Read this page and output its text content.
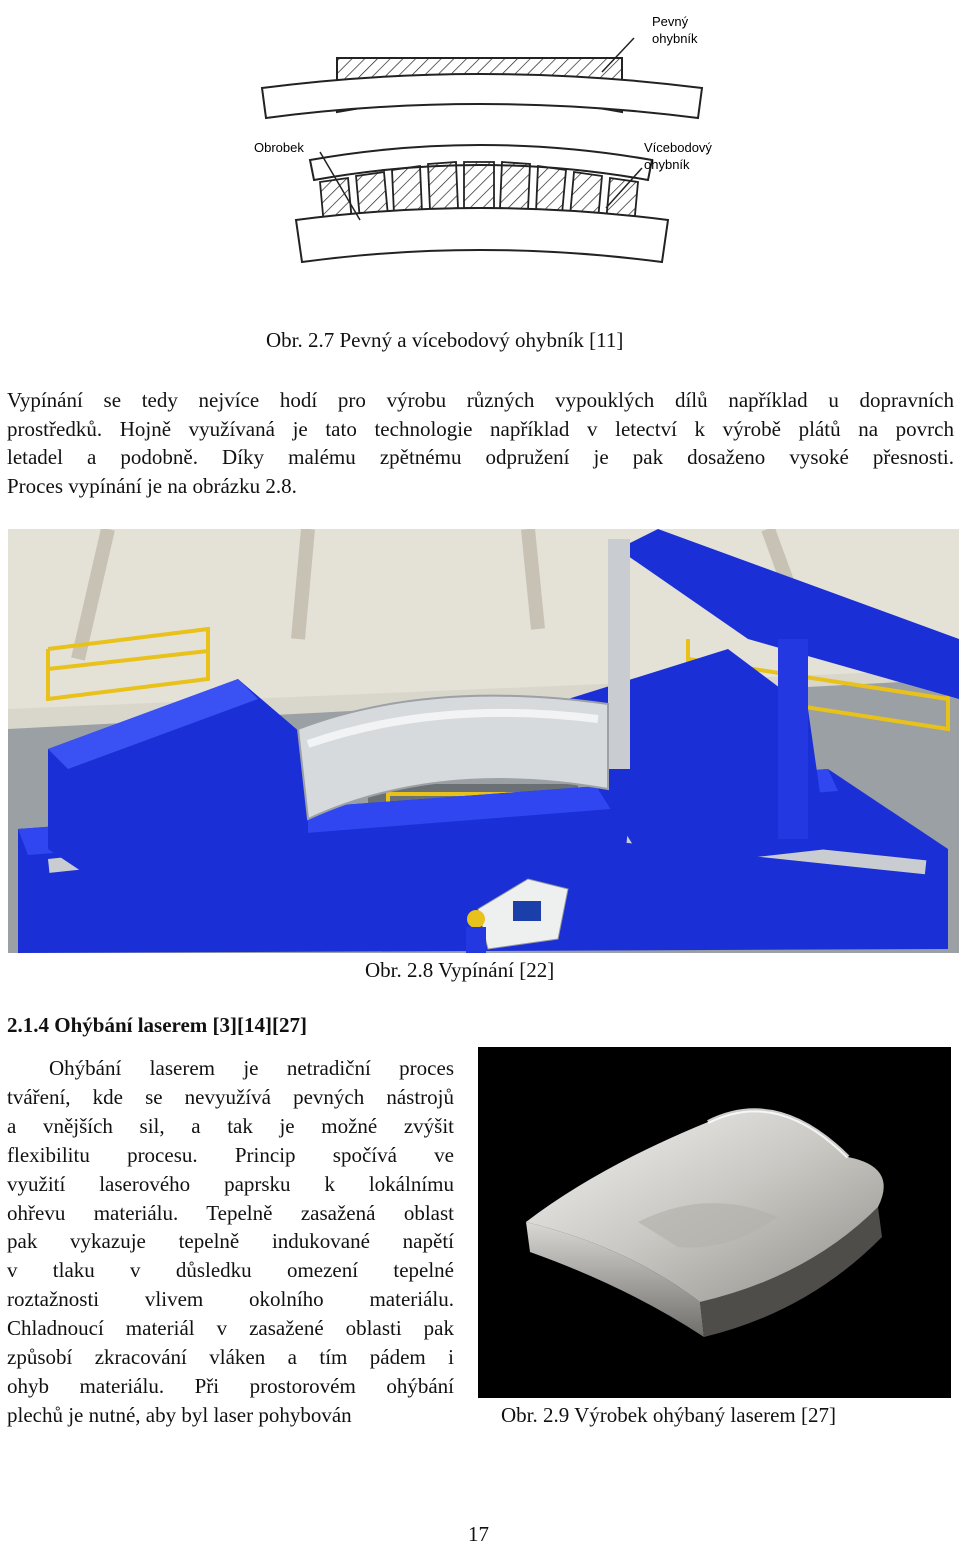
Pevný
ohybník
Obrobek	Vícebodový
ohybník
Obr. 2.7 Pevný a vícebodový ohybník [11]
Vypínání se tedy nejvíce hodí pro výrobu různých vypouklých dílů například u dopravních
prostředků. Hojně využívaná je tato technologie například v letectví k výrobě plátů na povrch
letadel a podobně. Díky malému zpětnému odpružení je pak dosaženo vysoké přesnosti.
Proces vypínání je na obrázku 2.8.
Obr. 2.8 Vypínání [22]
2.1.4 Ohýbání laserem [3][14][27]
Ohýbání laserem je netradiční proces
tváření, kde se nevyužívá pevných nástrojů
a vnějších sil, a tak je možné zvýšit
flexibilitu procesu. Princip spočívá ve
využití laserového paprsku k lokálnímu
ohřevu materiálu. Tepelně zasažená oblast
pak vykazuje tepelně indukované napětí
v tlaku v důsledku omezení tepelné
roztažnosti vlivem okolního materiálu.
Chladnoucí materiál v zasažené oblasti pak
způsobí zkracování vláken a tím pádem i
ohyb materiálu. Při prostorovém ohýbání
plechů je nutné, aby byl laser pohybován	Obr. 2.9 Výrobek ohýbaný laserem [27]
17
